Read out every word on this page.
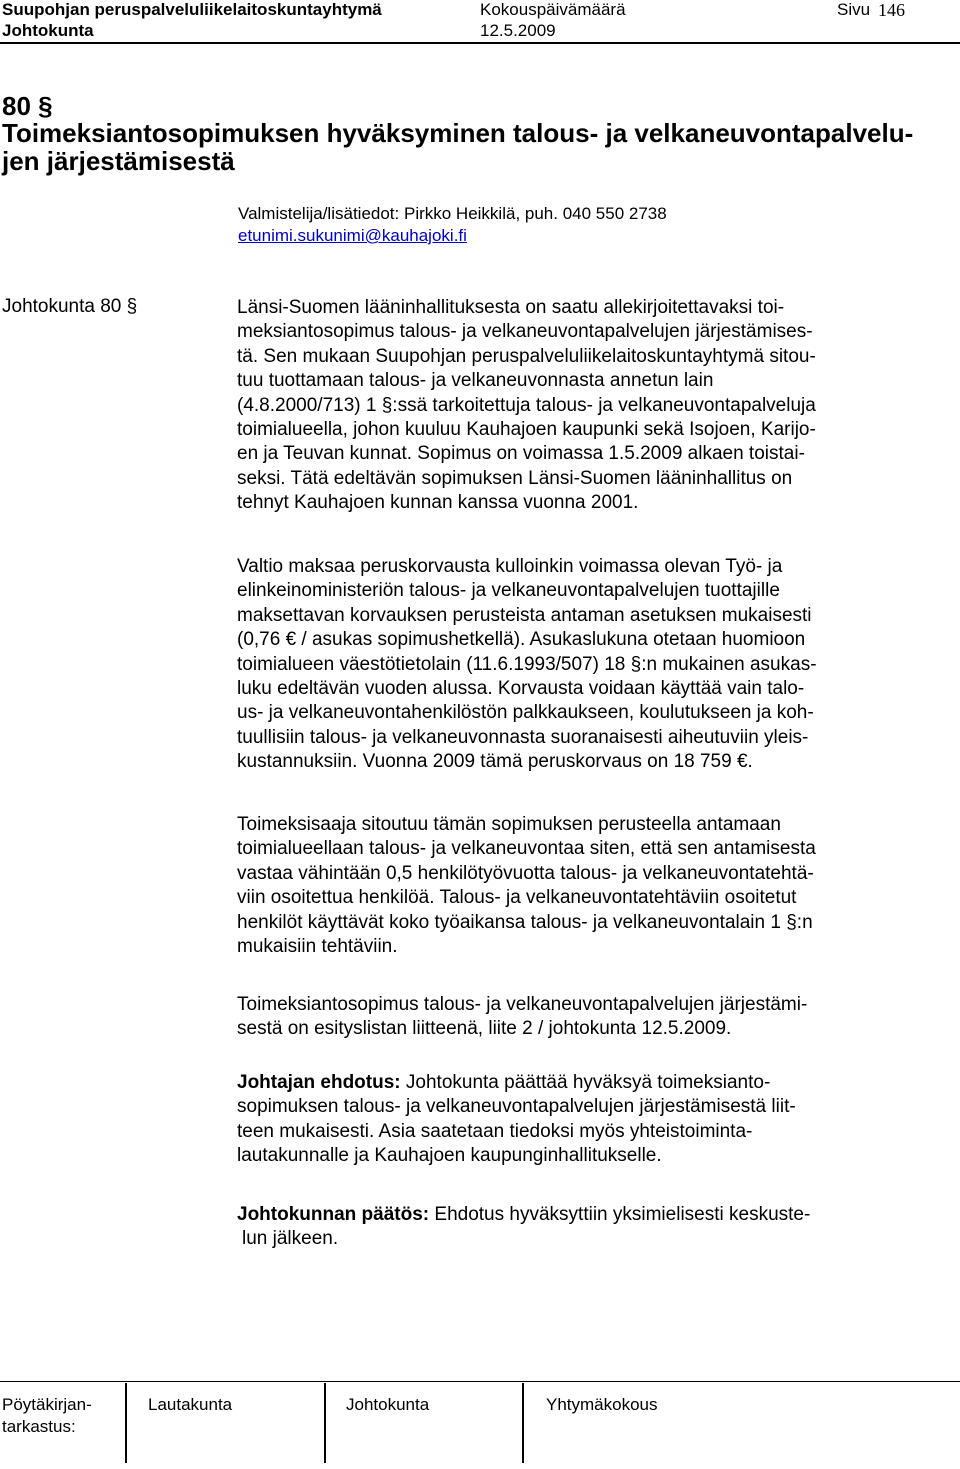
Suupohjan peruspalveluliikelaitoskuntayhtymä	Kokouspäivämäärä	Sivu 146
Johtokunta	12.5.2009
80 §
Toimeksiantosopimuksen hyväksyminen talous- ja velkaneuvontapalvelu-
jen järjestämisestä
Valmistelija/lisätiedot: Pirkko Heikkilä, puh. 040 550 2738
etunimi.sukunimi@kauhajoki.fi
Johtokunta 80 §	Länsi-Suomen lääninhallituksesta on saatu allekirjoitettavaksi toi-
meksiantosopimus talous- ja velkaneuvontapalvelujen järjestämises-
tä. Sen mukaan Suupohjan peruspalveluliikelaitoskuntayhtymä sitou-
tuu tuottamaan talous- ja velkaneuvonnasta annetun lain
(4.8.2000/713) 1 §:ssä tarkoitettuja talous- ja velkaneuvontapalveluja
toimialueella, johon kuuluu Kauhajoen kaupunki sekä Isojoen, Karijo-
en ja Teuvan kunnat. Sopimus on voimassa 1.5.2009 alkaen toistai-
seksi. Tätä edeltävän sopimuksen Länsi-Suomen lääninhallitus on
tehnyt Kauhajoen kunnan kanssa vuonna 2001.
Valtio maksaa peruskorvausta kulloinkin voimassa olevan Työ- ja
elinkeinoministeriön talous- ja velkaneuvontapalvelujen tuottajille
maksettavan korvauksen perusteista antaman asetuksen mukaisesti
(0,76 € / asukas sopimushetkellä). Asukaslukuna otetaan huomioon
toimialueen väestötietolain (11.6.1993/507) 18 §:n mukainen asukas-
luku edeltävän vuoden alussa. Korvausta voidaan käyttää vain talo-
us- ja velkaneuvontahenkilöstön palkkaukseen, koulutukseen ja koh-
tuullisiin talous- ja velkaneuvonnasta suoranaisesti aiheutuviin yleis-
kustannuksiin. Vuonna 2009 tämä peruskorvaus on 18 759 €.
Toimeksisaaja sitoutuu tämän sopimuksen perusteella antamaan
toimialueellaan talous- ja velkaneuvontaa siten, että sen antamisesta
vastaa vähintään 0,5 henkilötyövuotta talous- ja velkaneuvontatehtä-
viin osoitettua henkilöä. Talous- ja velkaneuvontatehtäviin osoitetut
henkilöt käyttävät koko työaikansa talous- ja velkaneuvontalain 1 §:n
mukaisiin tehtäviin.
Toimeksiantosopimus talous- ja velkaneuvontapalvelujen järjestämi-
sestä on esityslistan liitteenä, liite 2 / johtokunta 12.5.2009.
Johtajan ehdotus: Johtokunta päättää hyväksyä toimeksianto-
sopimuksen talous- ja velkaneuvontapalvelujen järjestämisestä liit-
teen mukaisesti. Asia saatetaan tiedoksi myös yhteistoiminta-
lautakunnalle ja Kauhajoen kaupunginhallitukselle.
Johtokunnan päätös: Ehdotus hyväksyttiin yksimielisesti keskuste-
lun jälkeen.
Pöytäkirjan-
tarkastus:
Lautakunta	Johtokunta	Yhtymäkokous
